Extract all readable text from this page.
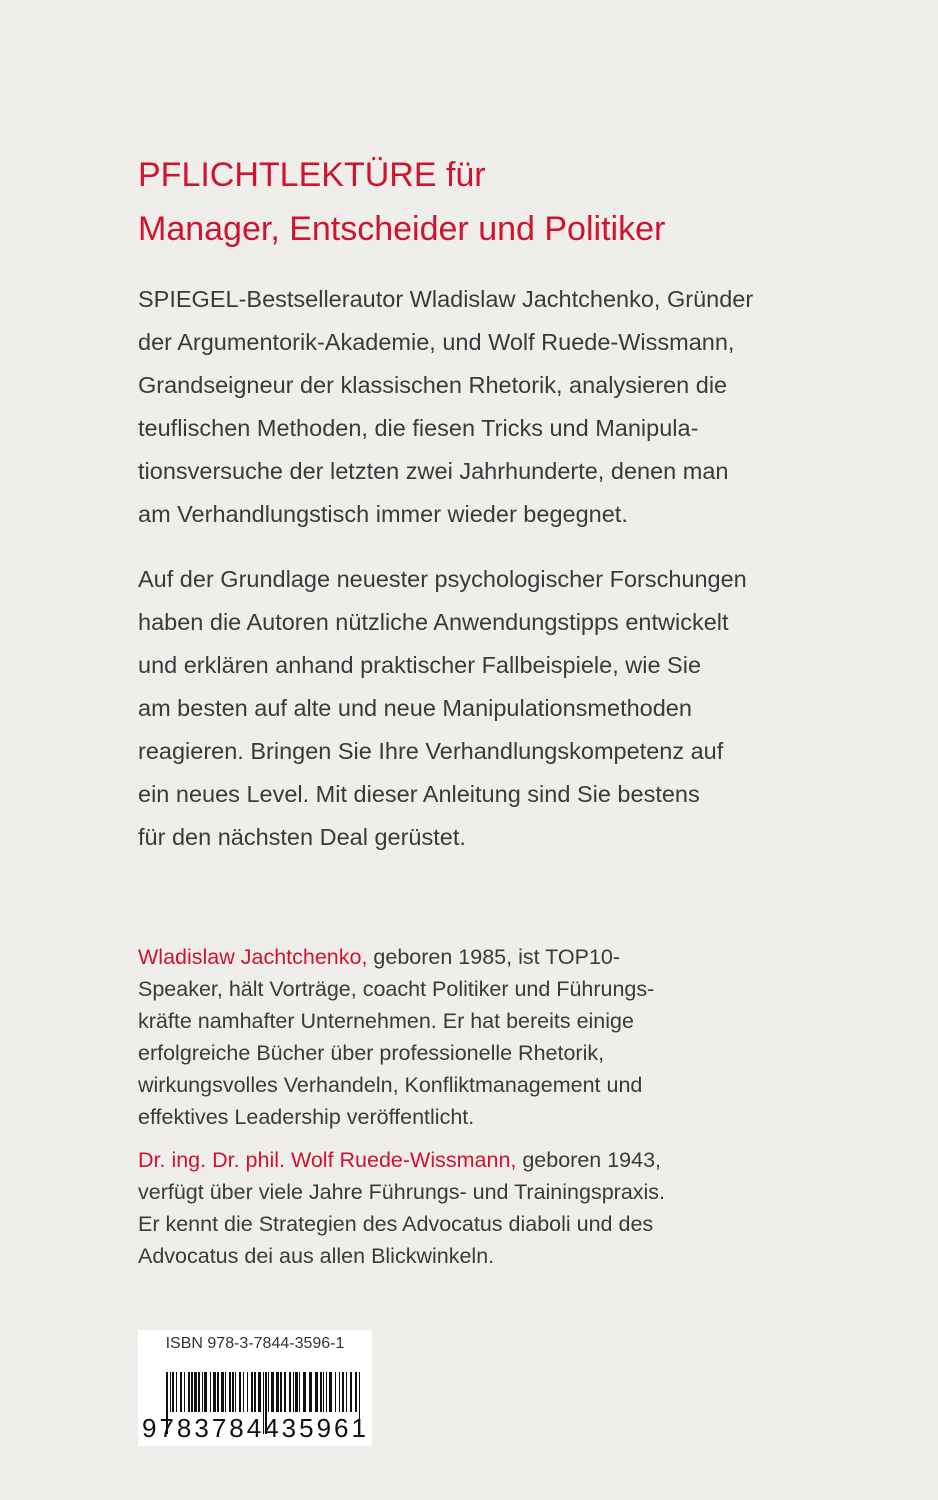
PFLICHTLEKTÜRE für
Manager, Entscheider und Politiker
SPIEGEL-Bestsellerautor Wladislaw Jachtchenko, Gründer
der Argumentorik-Akademie, und Wolf Ruede-Wissmann,
Grandseigneur der klassischen Rhetorik, analysieren die
teuflischen Methoden, die fiesen Tricks und Manipula-
tionsversuche der letzten zwei Jahrhunderte, denen man
am Verhandlungstisch immer wieder begegnet.
Auf der Grundlage neuester psychologischer Forschungen
haben die Autoren nützliche Anwendungstipps entwickelt
und erklären anhand praktischer Fallbeispiele, wie Sie
am besten auf alte und neue Manipulationsmethoden
reagieren. Bringen Sie Ihre Verhandlungskompetenz auf
ein neues Level. Mit dieser Anleitung sind Sie bestens
für den nächsten Deal gerüstet.
Wladislaw Jachtchenko, geboren 1985, ist TOP10-
Speaker, hält Vorträge, coacht Politiker und Führungs-
kräfte namhafter Unternehmen. Er hat bereits einige
erfolgreiche Bücher über professionelle Rhetorik,
wirkungsvolles Verhandeln, Konfliktmanagement und
effektives Leadership veröffentlicht.
Dr. ing. Dr. phil. Wolf Ruede-Wissmann, geboren 1943,
verfügt über viele Jahre Führungs- und Trainingspraxis.
Er kennt die Strategien des Advocatus diaboli und des
Advocatus dei aus allen Blickwinkeln.
ISBN 978-3-7844-3596-1
9783784435961
